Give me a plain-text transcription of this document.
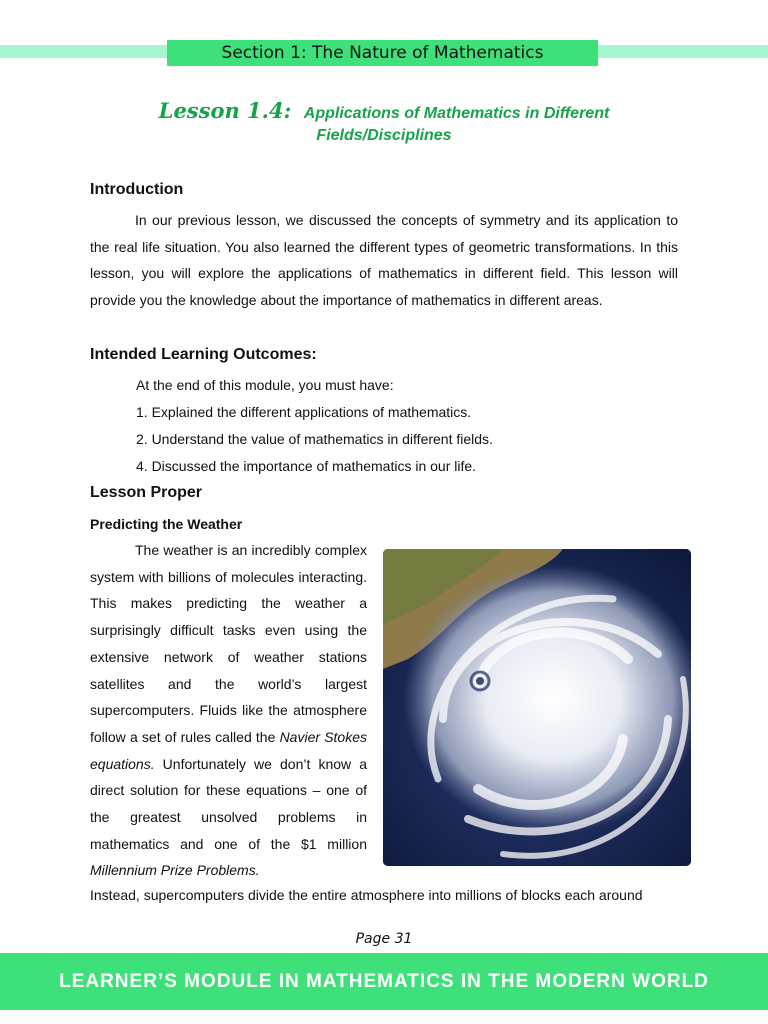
Section 1: The Nature of Mathematics
Lesson 1.4: Applications of Mathematics in Different
Fields/Disciplines
Introduction

In our previous lesson, we discussed the concepts of symmetry and its application to the real life situation. You also learned the different types of geometric transformations. In this lesson, you will explore the applications of mathematics in different field. This lesson will provide you the knowledge about the importance of mathematics in different areas.

Intended Learning Outcomes:
At the end of this module, you must have:
1. Explained the different applications of mathematics.
2. Understand the value of mathematics in different fields.
4. Discussed the importance of mathematics in our life.
Lesson Proper
Predicting the Weather

The weather is an incredibly complex system with billions of molecules interacting. This makes predicting the weather a surprisingly difficult tasks even using the extensive network of weather stations satellites and the world’s largest supercomputers. Fluids like the atmosphere follow a set of rules called the Navier Stokes equations. Unfortunately we don’t know a direct solution for these equations – one of the greatest unsolved problems in mathematics and one of the $1 million Millennium Prize Problems.

Instead, supercomputers divide the entire atmosphere into millions of blocks each around
Page 31
LEARNER’S MODULE IN MATHEMATICS IN THE MODERN WORLD
